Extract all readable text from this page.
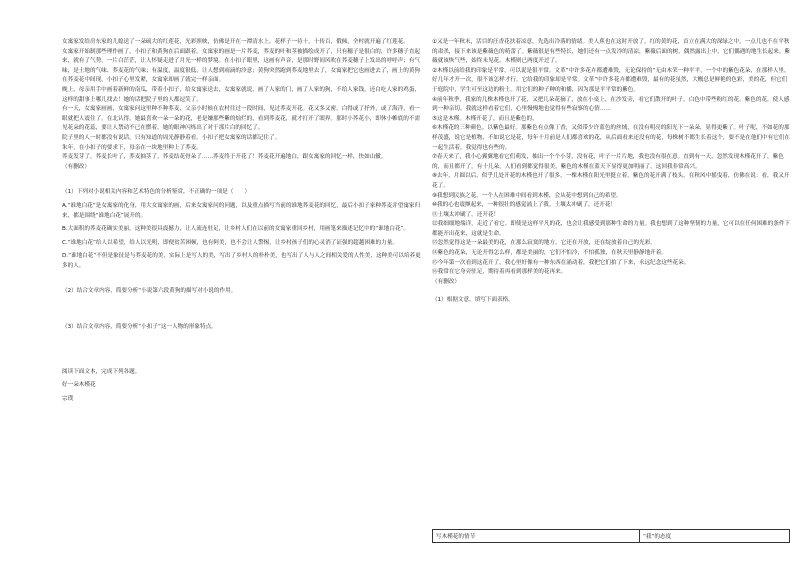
女寓家发给房东家的儿媳送了一朵硕大的红莲花，光彩照映，仿佛是开在一潭清水上。花样子一待十，十传百，俄倾，全村就开遍了红莲花。

女寓家开始制那些理作画了，小扣子和黄狗在后面跟着。女寓家的画是一片荞麦，荞麦的叶和茎被描绘成开了，只有穗子是很白的，许多穗子直起来，就有了气势，一片白茫茫，让人怀疑走进了月光一样的梦境。在小扣子眼里，这画有声音，是那时野间风吹在荞麦穗子上发出的呼呼声；有气味，是土地的气味、荞麦花的气味；有温度，温度很低，让人想到雨滴的泠意；黄狗突然跑到荞麦地里去了，女寓家把它也画进去了，画上的黄狗在荞麦花中间现，小扣子心里发紧，女寓家却画了就完一样亲面。

晚上，母亲用手中画着新鲜的南瓜，带着小扣子，给女寓家送去，女寓家就说，画了人家的门，画了人家的狗，不给人家钱，还白吃人家的鸡蛋，这样的甜事上哪儿找去！她的话把院子里的人都逗笑了。

有一天，女寓家画画，女寓家问这里种不种荞麦，父亲小时候在农村往过一段时间，见过荞麦开花。花又多又密，白得或了抒外，或了海洋，看一眼就把人震住了。在北认得，她最喜欢一朵一朵的花，老是嫌那些紫的灿烂的，看到荞麦花，就才打开了眼界。那时小荞花小，即休小帷底的不需见花朵的花蕊，要让人禁动不已在燃着。她的眼神闪烁出了对于那片白的回忆了。

院子里的人一时都没有说话，只有知道的周光静静着看。小扣子把女寓家的话都记住了。

朱年，在小扣子的要求下，母亲在一块地里种上了荞麦。

荞麦发芽了，荞麦长叶了，荞麦抽茎了，荞麦结花骨朵了……荞麦终于开花了！荞麦花开遍地白，跟女寓家的回忆一样，快如山辙。

（有删改）

（1）下列对小说相关内容和艺术特色的分析鉴赏，不正确的一项是（　　）

A.“谁地白花”是女寓家的化身，用大女寓家的画，后来女寓家问的问题，以及重点描写当前的谁地荞麦花的回忆，最后小扣子家种荞麦并望寓家归来，都是围绕“谁地白花”展开的。

B.大面积的荞麦花确实美丽，这种美很具震撼力，让人流连驻足，让乡村人们在以前的女寓家重回乡村，用画笔来描述记忆中的“谁地白花”。

C.“谁地白花”给人以希望，给人以光明，即便贫苦困顿，也有阿美，也不会让人警惕，让乡村孩子们的心灵消了证强的超越困难的力量。

D.“谁地白花”不但是象征是与荞麦花的美，实际上是写人的美，写出了乡村人的朴朴美，也写出了人与人之间相关爱的人性美，这种美可以培养更多的人。

（2）结合文章内容，简要分析“小说第六段黄狗的描写对小说的作用。

（3）结合文章内容，简要分析“小扣子”这一人物的形象特点。

阅读下面文本，完成下列各题。

好一朵木槿花

宗璞

①又是一年秋末，活目的汪香花扶着凉意，先选出冷落的情绪。美人蕉也在这时开放了。红的黄的花，首立在满大的深绿之中，一点儿也不在平秋的肃杀，接下来该是紫薇色的萌蕾了。紫薇很是有些特长，她们还有一点发冷的清凉，紫薇后面的树，偶然露出上中，它们偶遇的地生长起来。紫薇就该恢气些，始终未见花。木槿则已两度开过了。

②木槿以前给我的印象是平常，可以说是很平常。文革”中许多花卉都遭难毁，无论保持的“无由木荣一种平平，一个中的紫色花朵，在那样人里，好几年才开一次，很不该怎样才行。它给我的印象却是平常。文革”中许多花卉都遭难毁，最有的花虽然，大概总是鲜艳的色彩，美的花，但它们于庭院中，学生可至这边的粉土。用它们的种子种的和播，因为那是平平常的紫色。

④前年秋季，我家的几株木槿也开了花，又把几朵花摘了，放在小桌上，在沙发旁，看它们散开的叶子，白色中带些粉红的花。紫色的花，使人感到一种亲切。我就这样看着它们，心里慢慢地也觉得有些寂寥的心情……

⑤这是木槿。木槿开花了，而且是紫色的。

⑥木槿花的三种颜色。以紫色最好。那紫色有点像丁香，又似带少许蓝色的丝绒，在没有明亮的阳光下一朵朵，显得更紫了。叶子呢，不如花的那样茂盛，说它是植物，不如说它是花，每年十月前是人们都喜欢的花，从后面看来还没有的花，每株树不都生长着这个，要不是在他们中有它们在一起生活着，我觉得也有些的。

⑦春天来了，我小心翼翼地看它们萌发，抽出一个个小芽，没有花，叶子一片片地，我也没有很在意。直到有一天，忽然发现木槿花开了，紫色的，而且都开了，有十几朵，人们看到都觉得很美，紫色的木槿在蓝天下显得更加明丽了，这回我非常高兴。

⑧去年，月圆以后，似乎几处开花的木槿也开了很多，一棵木槿在阳光里挺立着，紫色的花开满了枝头，在秋风中摇曳着，仿佛在说：看，我又开花了。

⑨我想到民族之花，一个人在困难中间看到木槿，会从花中想到自己的希望。

⑩我的心也震颤起来，一种很壮的感觉涌上了我。土壤太冲刷了，还开花！

⑪土壤太冲刷了，还开花！

⑫我细细地端详，走近了看它。即使是这样平凡的花，也会让我感受到那种生命的力量。我也想到了这种坚韧的力量，它可以在任何困难的条件下都能开出花来，这就是生命。

⑬忽然觉得这是一朵最美的花，在那么寂寞的地方，它还在开放，还在绽放着自己的光彩。

⑭紫色的花朵，无论开得怎么样，都是美丽的，它们不怕冷，不怕孤独，在秋天里静静地开着。

⑮今年第一次看到这花开了，我心里好像有一种东西在涌动着，我把它们拍了下来，永远纪念这些花朵。

⑯我常在它身旁驻足，期待着再看到那样美的花再来。

（有删改）

（1）根据文意，填写下面表格。

写木槿花的情节	“我”的态度
